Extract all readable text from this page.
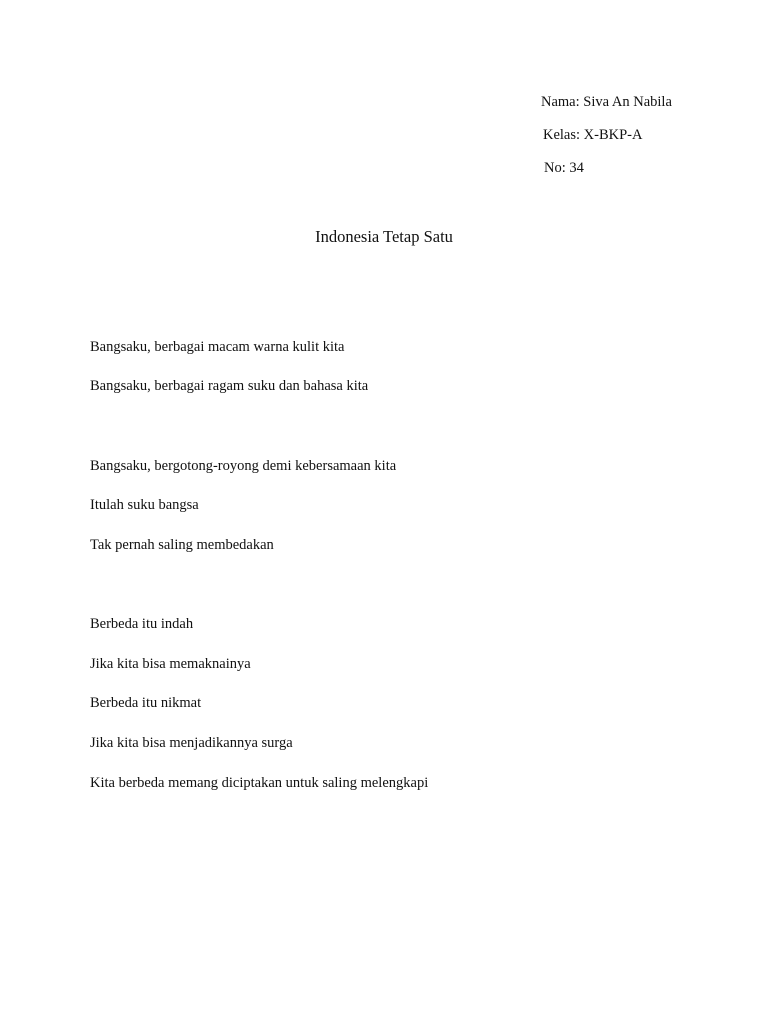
Nama: Siva An Nabila
Kelas: X-BKP-A
No: 34
Indonesia Tetap Satu
Bangsaku, berbagai macam warna kulit kita
Bangsaku, berbagai ragam suku dan bahasa kita
Bangsaku, bergotong-royong demi kebersamaan kita
Itulah suku bangsa
Tak pernah saling membedakan
Berbeda itu indah
Jika kita bisa memaknainya
Berbeda itu nikmat
Jika kita bisa menjadikannya surga
Kita berbeda memang diciptakan untuk saling melengkapi
